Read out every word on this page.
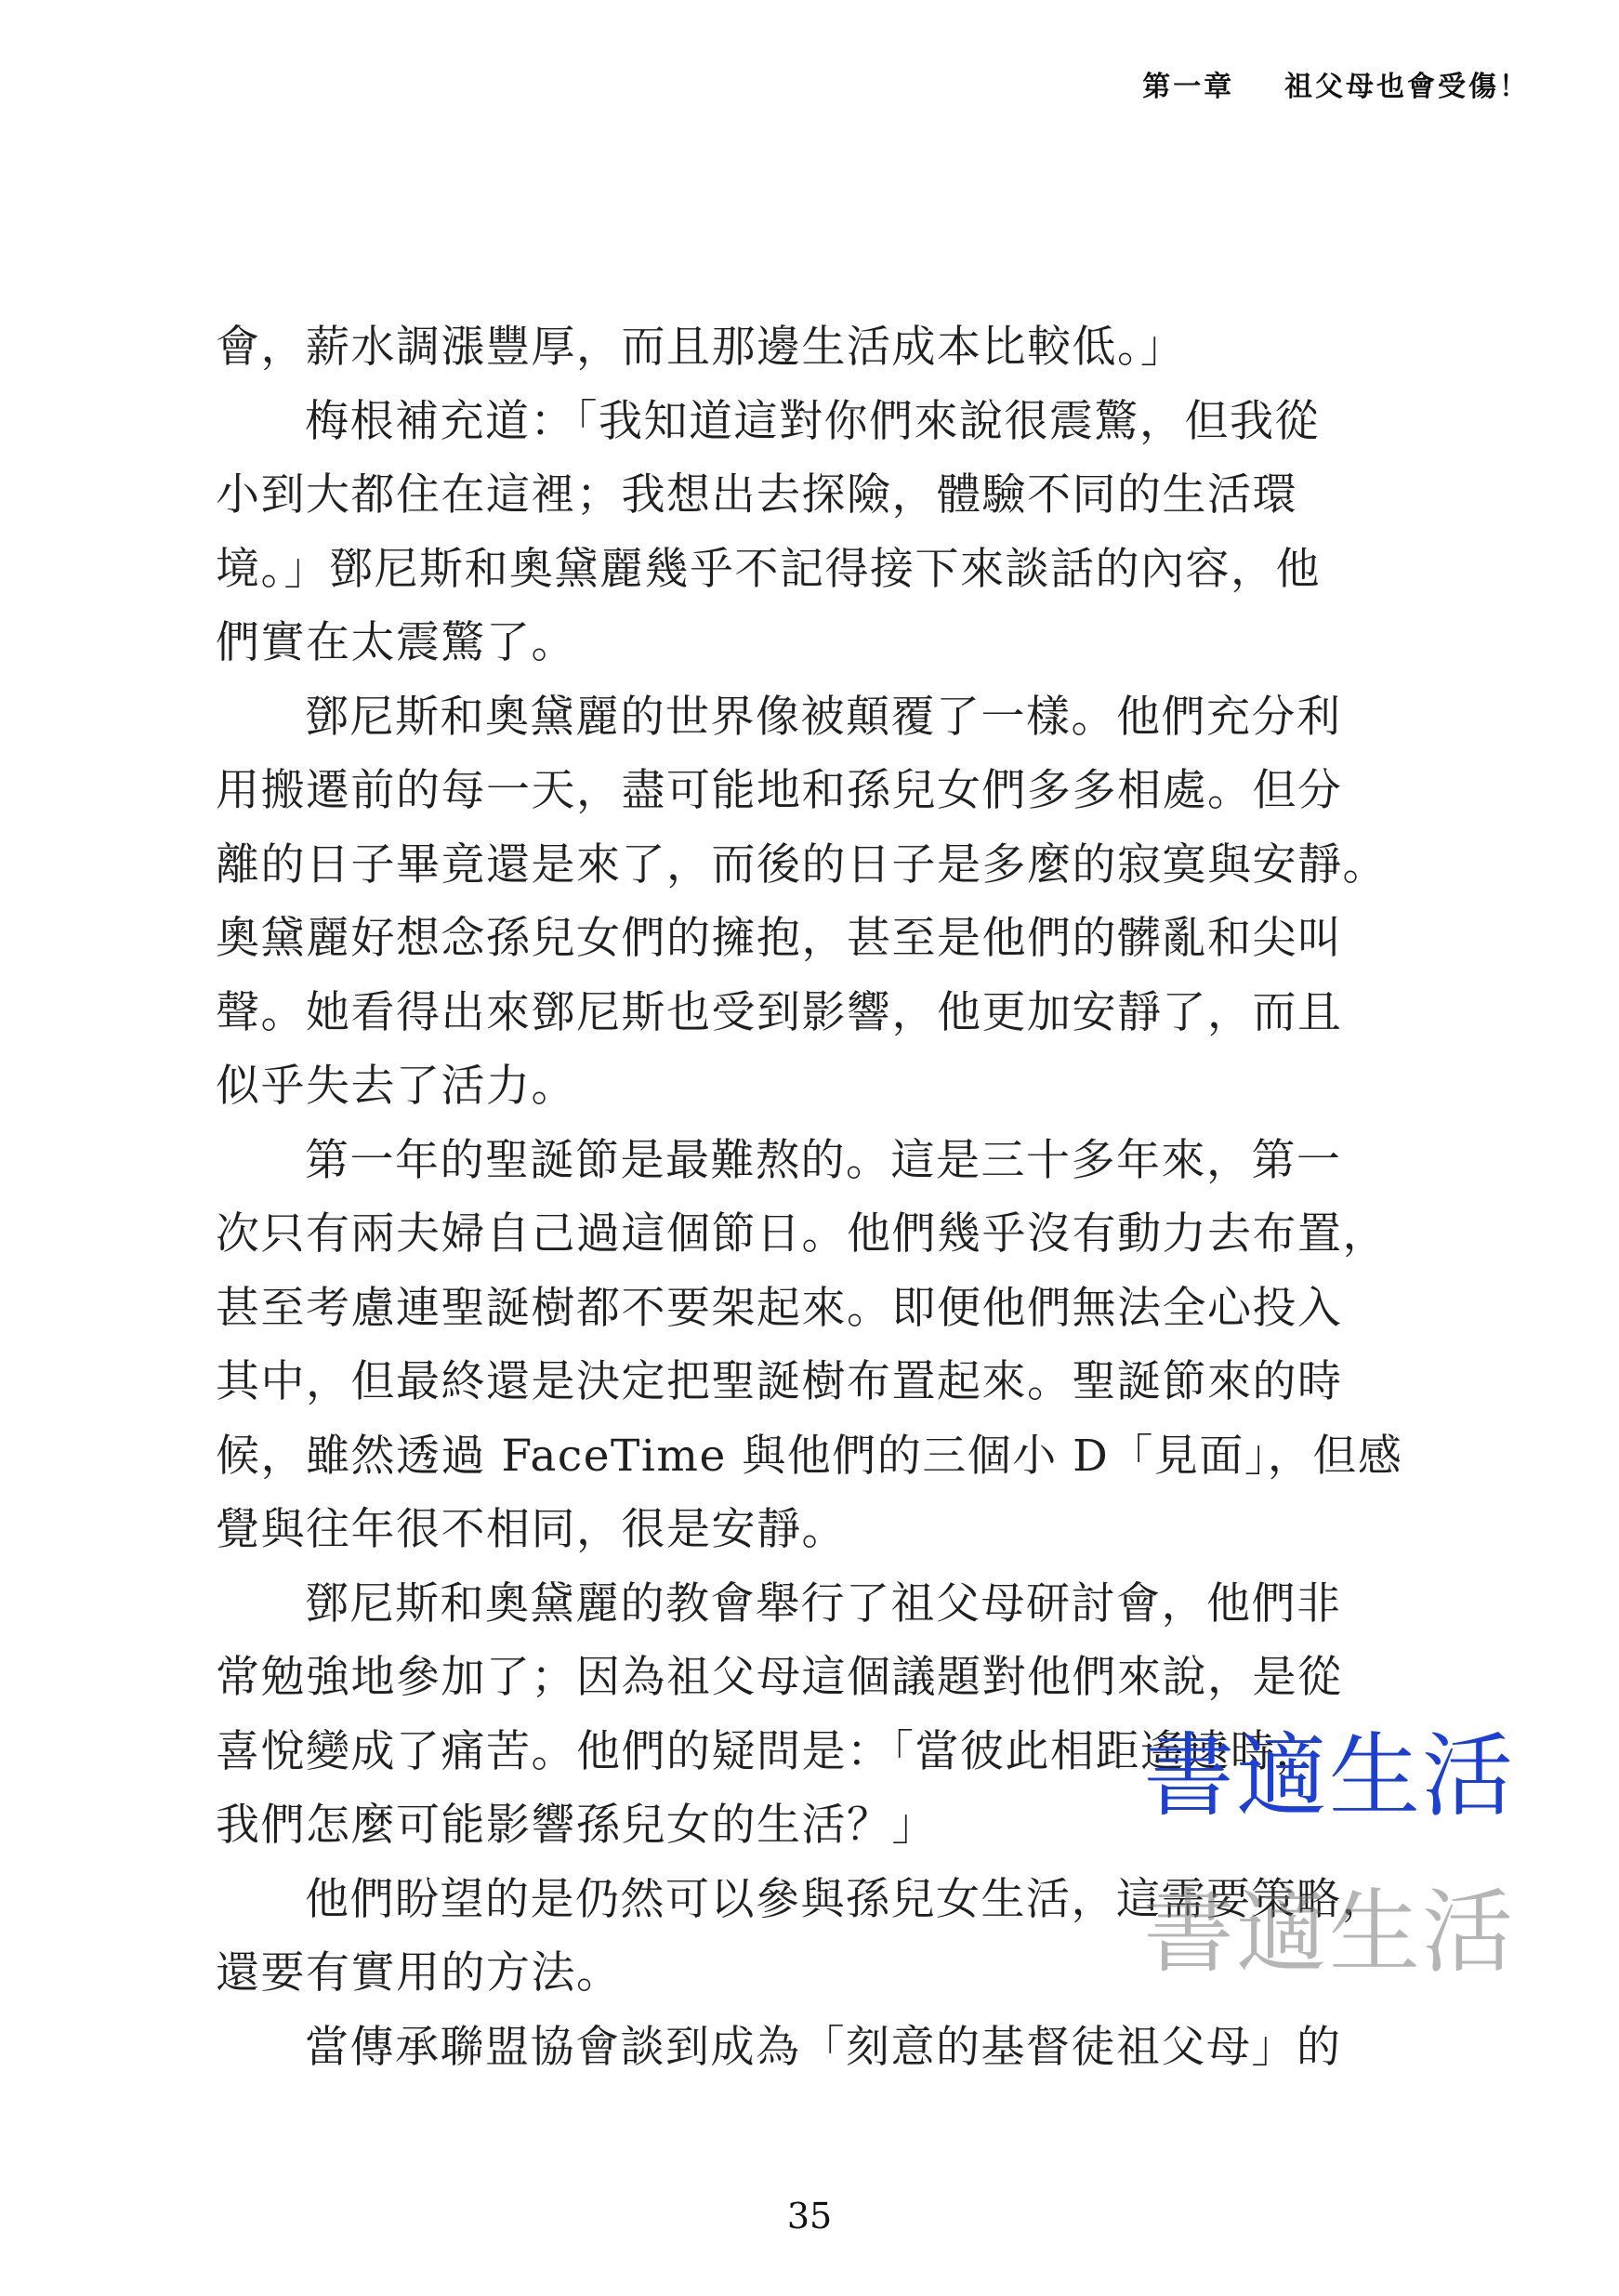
第一章 祖父母也會受傷！
會，薪水調漲豐厚，而且那邊生活成本比較低。」
梅根補充道：「我知道這對你們來說很震驚，但我從
小到大都住在這裡；我想出去探險，體驗不同的生活環
境。」鄧尼斯和奧黛麗幾乎不記得接下來談話的內容，他
們實在太震驚了。
鄧尼斯和奧黛麗的世界像被顛覆了一樣。他們充分利
用搬遷前的每一天，盡可能地和孫兒女們多多相處。但分
離的日子畢竟還是來了，而後的日子是多麼的寂寞與安靜。
奧黛麗好想念孫兒女們的擁抱，甚至是他們的髒亂和尖叫
聲。她看得出來鄧尼斯也受到影響，他更加安靜了，而且
似乎失去了活力。
第一年的聖誕節是最難熬的。這是三十多年來，第一
次只有兩夫婦自己過這個節日。他們幾乎沒有動力去布置，
甚至考慮連聖誕樹都不要架起來。即便他們無法全心投入
其中，但最終還是決定把聖誕樹布置起來。聖誕節來的時
候，雖然透過 FaceTime 與他們的三個小 D「見面」，但感
覺與往年很不相同，很是安靜。
鄧尼斯和奧黛麗的教會舉行了祖父母研討會，他們非
常勉強地參加了；因為祖父母這個議題對他們來說，是從
喜悅變成了痛苦。他們的疑問是：「當彼此相距遙遠時，
我們怎麼可能影響孫兒女的生活？」
他們盼望的是仍然可以參與孫兒女生活，這需要策略，
還要有實用的方法。
當傳承聯盟協會談到成為「刻意的基督徒祖父母」的
書適生活
書適生活
35
